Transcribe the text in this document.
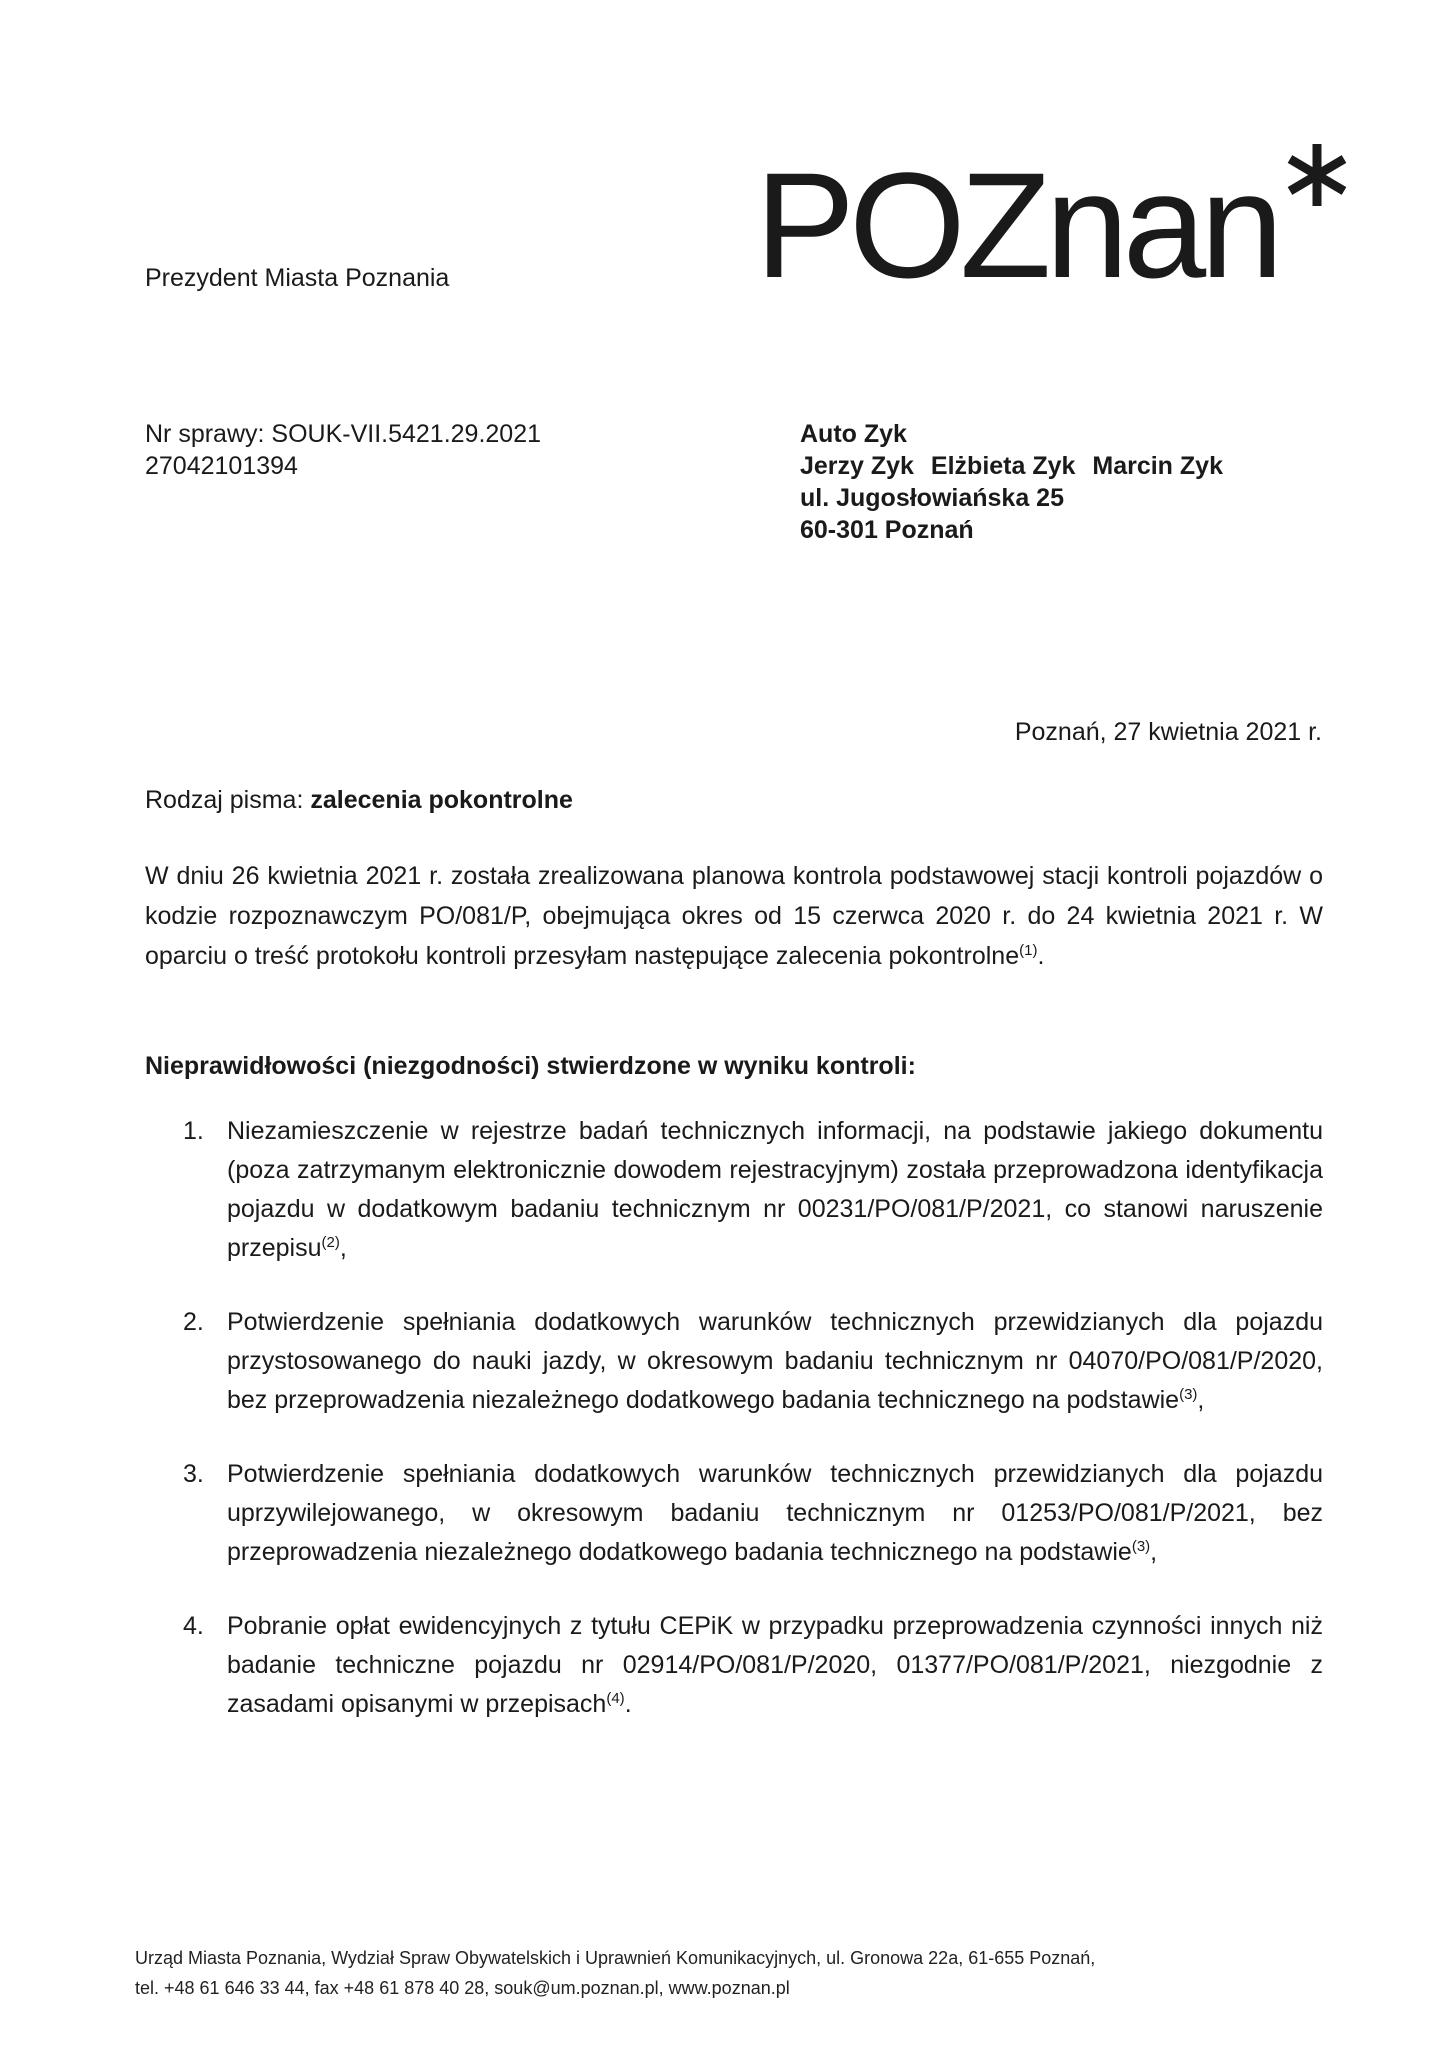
Prezydent Miasta Poznania POZnan
Nr sprawy: SOUK-VII.5421.29.2021
27042101394
Auto Zyk
Jerzy Zyk Elżbieta Zyk Marcin Zyk
ul. Jugosłowiańska 25
60-301 Poznań
Poznań, 27 kwietnia 2021 r.
Rodzaj pisma: zalecenia pokontrolne
W dniu 26 kwietnia 2021 r. została zrealizowana planowa kontrola podstawowej stacji kontroli pojazdów o kodzie rozpoznawczym PO/081/P, obejmująca okres od 15 czerwca 2020 r. do 24 kwietnia 2021 r. W oparciu o treść protokołu kontroli przesyłam następujące zalecenia pokontrolne$^{(1)}$.
Nieprawidłowości (niezgodności) stwierdzone w wyniku kontroli:
1. Niezamieszczenie w rejestrze badań technicznych informacji, na podstawie jakiego dokumentu (poza zatrzymanym elektronicznie dowodem rejestracyjnym) została przeprowadzona identyfikacja pojazdu w dodatkowym badaniu technicznym nr 00231/PO/081/P/2021, co stanowi naruszenie przepisu$^{(2)}$,
2. Potwierdzenie spełniania dodatkowych warunków technicznych przewidzianych dla pojazdu przystosowanego do nauki jazdy, w okresowym badaniu technicznym nr 04070/PO/081/P/2020, bez przeprowadzenia niezależnego dodatkowego badania technicznego na podstawie$^{(3)}$,
3. Potwierdzenie spełniania dodatkowych warunków technicznych przewidzianych dla pojazdu uprzywilejowanego, w okresowym badaniu technicznym nr 01253/PO/081/P/2021, bez przeprowadzenia niezależnego dodatkowego badania technicznego na podstawie$^{(3)}$,
4. Pobranie opłat ewidencyjnych z tytułu CEPiK w przypadku przeprowadzenia czynności innych niż badanie techniczne pojazdu nr 02914/PO/081/P/2020, 01377/PO/081/P/2021, niezgodnie z zasadami opisanymi w przepisach$^{(4)}$.
Urząd Miasta Poznania, Wydział Spraw Obywatelskich i Uprawnień Komunikacyjnych, ul. Gronowa 22a, 61-655 Poznań,
tel. +48 61 646 33 44, fax +48 61 878 40 28, souk@um.poznan.pl, www.poznan.pl
